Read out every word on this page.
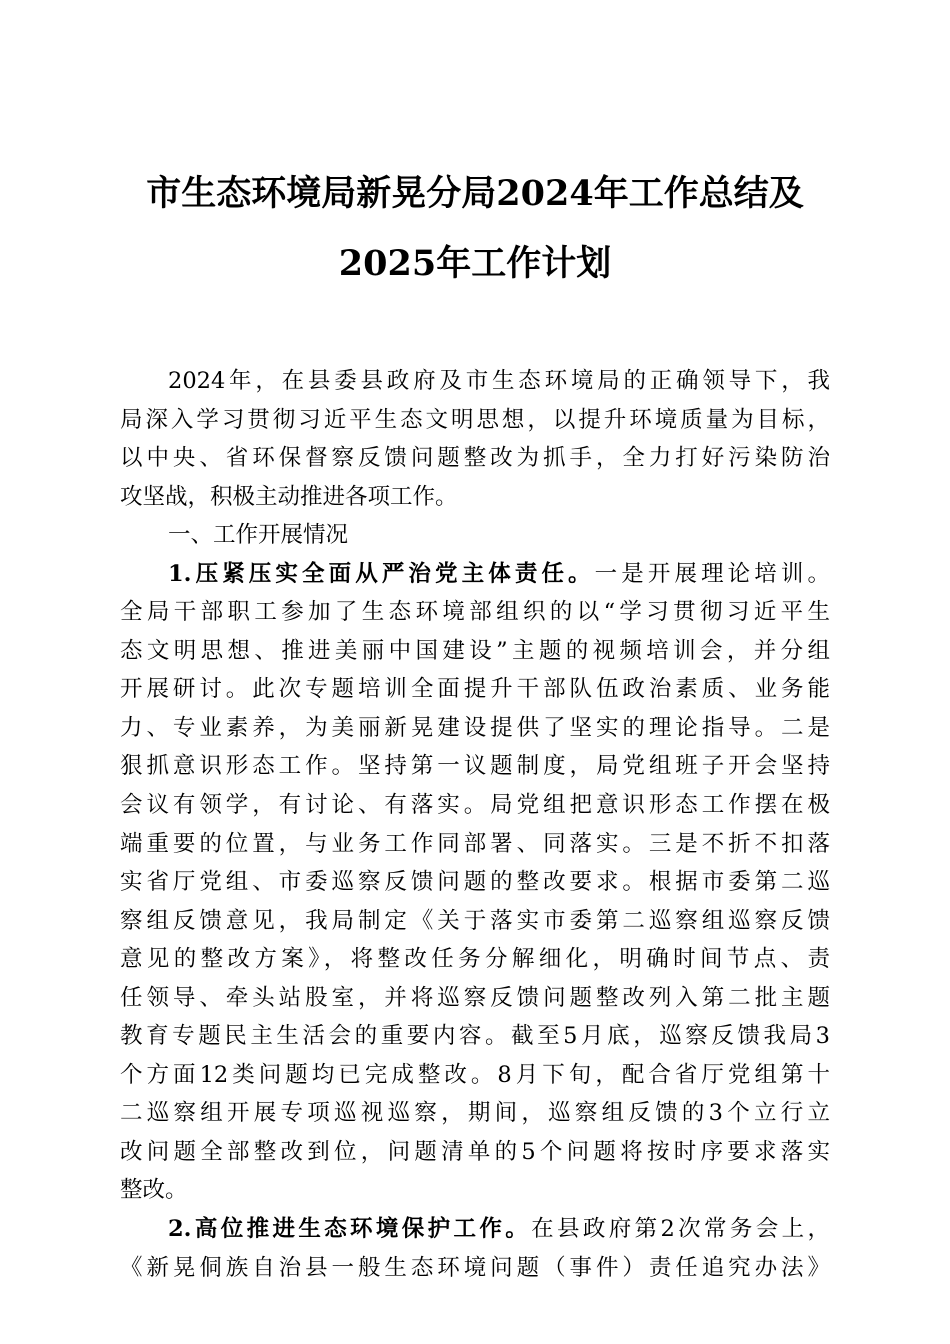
市生态环境局新晃分局2024年工作总结及
2025年工作计划
2024年，在县委县政府及市生态环境局的正确领导下，我
局深入学习贯彻习近平生态文明思想，以提升环境质量为目标，
以中央、省环保督察反馈问题整改为抓手，全力打好污染防治
攻坚战，积极主动推进各项工作。
一、工作开展情况
1.压紧压实全面从严治党主体责任。一是开展理论培训。
全局干部职工参加了生态环境部组织的以“学习贯彻习近平生
态文明思想、推进美丽中国建设”主题的视频培训会，并分组
开展研讨。此次专题培训全面提升干部队伍政治素质、业务能
力、专业素养，为美丽新晃建设提供了坚实的理论指导。二是
狠抓意识形态工作。坚持第一议题制度，局党组班子开会坚持
会议有领学，有讨论、有落实。局党组把意识形态工作摆在极
端重要的位置，与业务工作同部署、同落实。三是不折不扣落
实省厅党组、市委巡察反馈问题的整改要求。根据市委第二巡
察组反馈意见，我局制定《关于落实市委第二巡察组巡察反馈
意见的整改方案》，将整改任务分解细化，明确时间节点、责
任领导、牵头站股室，并将巡察反馈问题整改列入第二批主题
教育专题民主生活会的重要内容。截至5月底，巡察反馈我局3
个方面12类问题均已完成整改。8月下旬，配合省厅党组第十
二巡察组开展专项巡视巡察，期间，巡察组反馈的3个立行立
改问题全部整改到位，问题清单的5个问题将按时序要求落实
整改。
2.高位推进生态环境保护工作。在县政府第2次常务会上，
《新晃侗族自治县一般生态环境问题（事件）责任追究办法》
